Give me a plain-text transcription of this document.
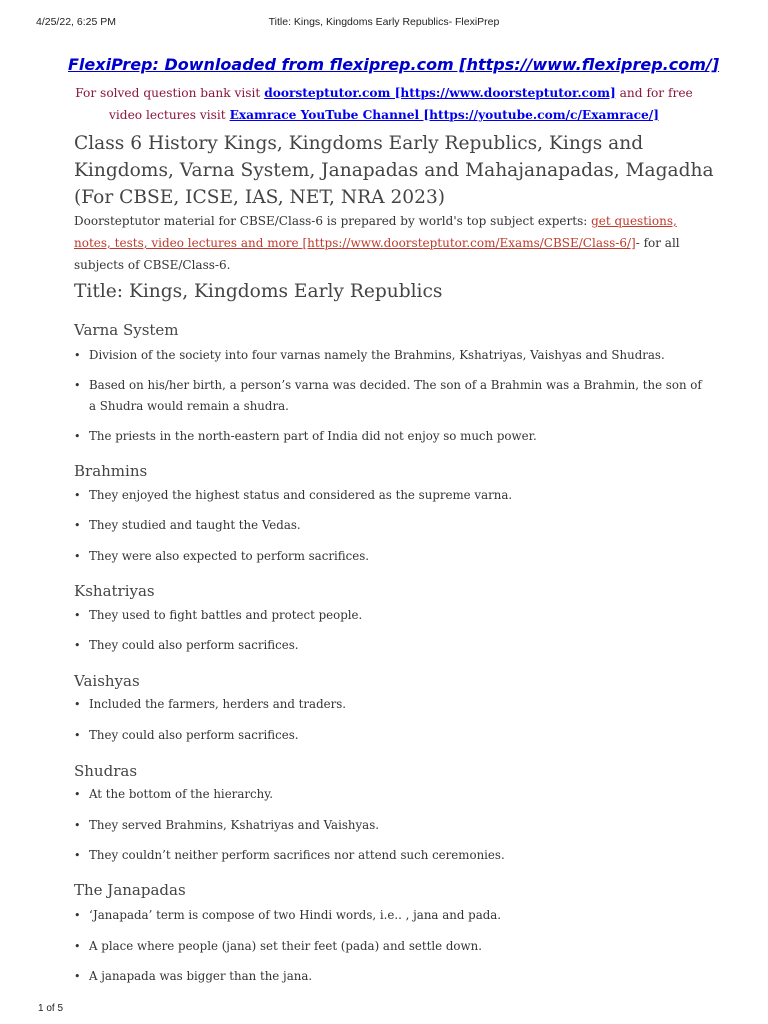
4/25/22, 6:25 PM	Title: Kings, Kingdoms Early Republics- FlexiPrep
FlexiPrep: Downloaded from flexiprep.com [https://www.flexiprep.com/]
For solved question bank visit doorsteptutor.com [https://www.doorsteptutor.com] and for free video lectures visit Examrace YouTube Channel [https://youtube.com/c/Examrace/]
Class 6 History Kings, Kingdoms Early Republics, Kings and Kingdoms, Varna System, Janapadas and Mahajanapadas, Magadha (For CBSE, ICSE, IAS, NET, NRA 2023)
Doorsteptutor material for CBSE/Class-6 is prepared by world's top subject experts: get questions, notes, tests, video lectures and more [https://www.doorsteptutor.com/Exams/CBSE/Class-6/]- for all subjects of CBSE/Class-6.
Title: Kings, Kingdoms Early Republics
Varna System
• Division of the society into four varnas namely the Brahmins, Kshatriyas, Vaishyas and Shudras.
• Based on his/her birth, a person’s varna was decided. The son of a Brahmin was a Brahmin, the son of a Shudra would remain a shudra.
• The priests in the north-eastern part of India did not enjoy so much power.
Brahmins
• They enjoyed the highest status and considered as the supreme varna.
• They studied and taught the Vedas.
• They were also expected to perform sacrifices.
Kshatriyas
• They used to fight battles and protect people.
• They could also perform sacrifices.
Vaishyas
• Included the farmers, herders and traders.
• They could also perform sacrifices.
Shudras
• At the bottom of the hierarchy.
• They served Brahmins, Kshatriyas and Vaishyas.
• They couldn’t neither perform sacrifices nor attend such ceremonies.
The Janapadas
• ‘Janapada’ term is compose of two Hindi words, i.e.. , jana and pada.
• A place where people (jana) set their feet (pada) and settle down.
• A janapada was bigger than the jana.
1 of 5
